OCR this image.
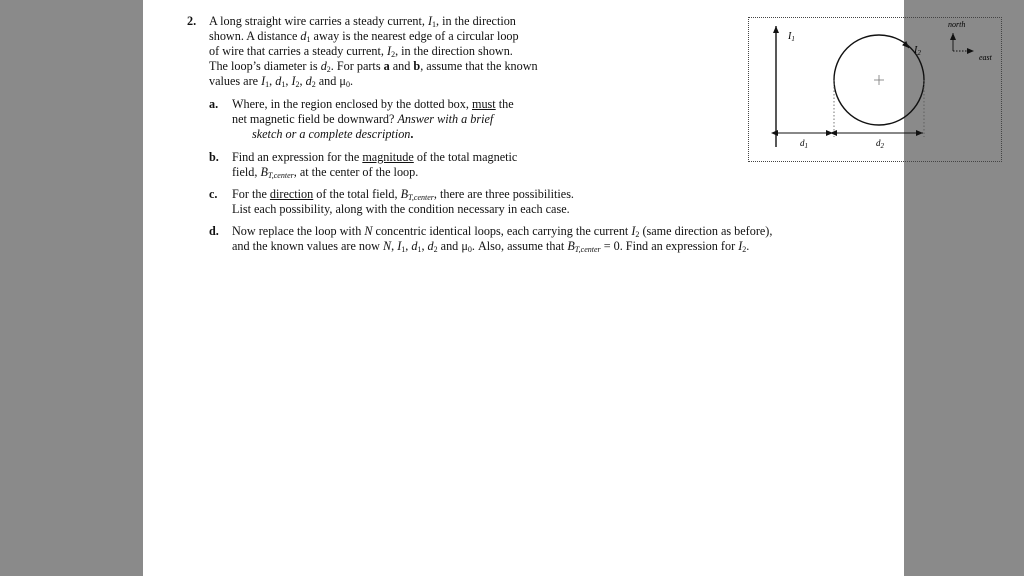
2. A long straight wire carries a steady current, $I_1$, in the direction
shown. A distance $d_1$ away is the nearest edge of a circular loop
of wire that carries a steady current, $I_2$, in the direction shown.
The loop’s diameter is $d_2$. For parts a and b, assume that the known
values are $I_1$, $d_1$, $I_2$, $d_2$ and $\mu_0$.
a. Where, in the region enclosed by the dotted box, must the
net magnetic field be downward? Answer with a brief
sketch or a complete description.
b. Find an expression for the magnitude of the total magnetic
field, $B_{T,center}$, at the center of the loop.
c. For the direction of the total field, $B_{T,center}$, there are three possibilities.
List each possibility, along with the condition necessary in each case.
d. Now replace the loop with N concentric identical loops, each carrying the current $I_2$ (same direction as before),
and the known values are now N, $I_1$, $d_1$, $d_2$ and $\mu_0$. Also, assume that $B_{T,center} = 0$. Find an expression for $I_2$.
$I_1$
$I_2$
$d_1$	$d_2$
north
east
